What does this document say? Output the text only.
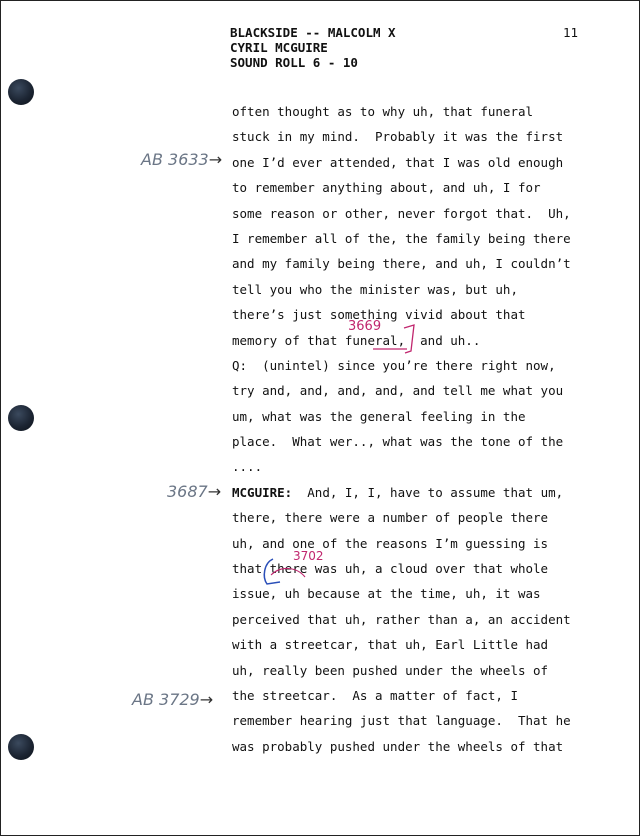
BLACKSIDE -- MALCOLM X
CYRIL MCGUIRE
SOUND ROLL 6 - 10
11
often thought as to why uh, that funeral
stuck in my mind.  Probably it was the first
one I’d ever attended, that I was old enough
to remember anything about, and uh, I for
some reason or other, never forgot that.  Uh,
I remember all of the, the family being there
and my family being there, and uh, I couldn’t
tell you who the minister was, but uh,
there’s just something vivid about that
memory of that funeral,  and uh..
Q:  (unintel) since you’re there right now,
try and, and, and, and, and tell me what you
um, what was the general feeling in the
place.  What wer.., what was the tone of the
....
MCGUIRE:  And, I, I, have to assume that um,
there, there were a number of people there
uh, and one of the reasons I’m guessing is
that there was uh, a cloud over that whole
issue, uh because at the time, uh, it was
perceived that uh, rather than a, an accident
with a streetcar, that uh, Earl Little had
uh, really been pushed under the wheels of
the streetcar.  As a matter of fact, I
remember hearing just that language.  That he
was probably pushed under the wheels of that
AB 3633→
3687→
AB 3729→
3669
3702
